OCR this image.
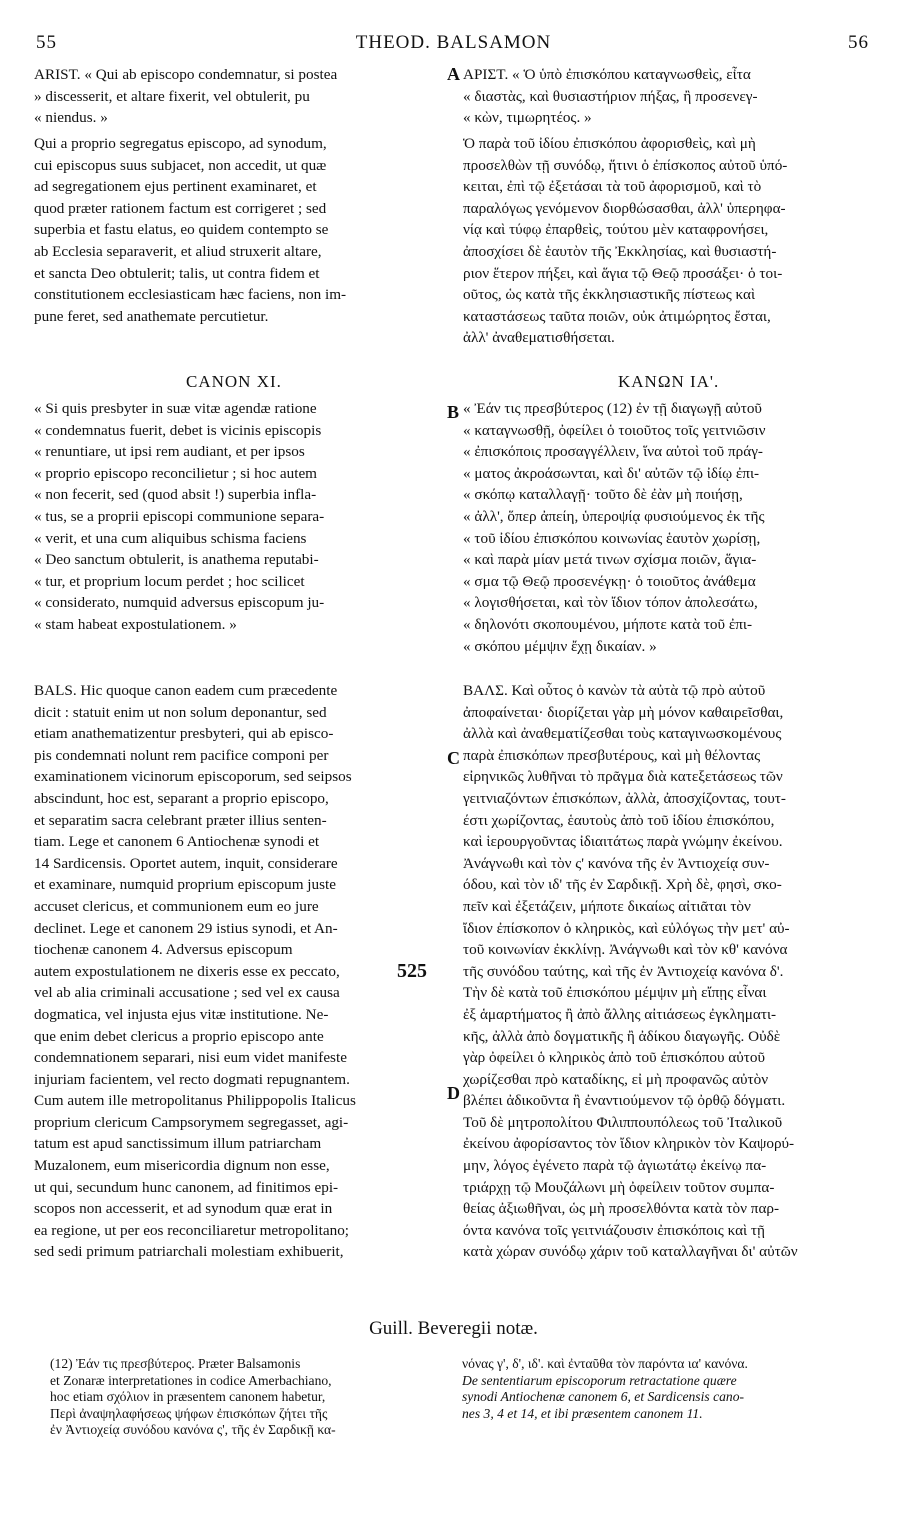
55	THEOD. BALSAMON	56
A
B
C
D
ARIST. « Qui ab episcopo condemnatur, si postea
» discesserit, et altare fixerit, vel obtulerit, pu
« niendus. »
Qui a proprio segregatus episcopo, ad synodum,
cui episcopus suus subjacet, non accedit, ut quæ
ad segregationem ejus pertinent examinaret, et
quod præter rationem factum est corrigeret ; sed
superbia et fastu elatus, eo quidem contempto se
ab Ecclesia separaverit, et aliud struxerit altare,
et sancta Deo obtulerit; talis, ut contra fidem et
constitutionem ecclesiasticam hæc faciens, non im-
pune feret, sed anathemate percutietur.
CANON XI.
« Si quis presbyter in suæ vitæ agendæ ratione
« condemnatus fuerit, debet is vicinis episcopis
« renuntiare, ut ipsi rem audiant, et per ipsos
« proprio episcopo reconcilietur ; si hoc autem
« non fecerit, sed (quod absit !) superbia infla-
« tus, se a proprii episcopi communione separa-
« verit, et una cum aliquibus schisma faciens
« Deo sanctum obtulerit, is anathema reputabi-
« tur, et proprium locum perdet ; hoc scilicet
« considerato, numquid adversus episcopum ju-
« stam habeat expostulationem. »
BALS. Hic quoque canon eadem cum præcedente
dicit : statuit enim ut non solum deponantur, sed
etiam anathematizentur presbyteri, qui ab episco-
pis condemnati nolunt rem pacifice componi per
examinationem vicinorum episcoporum, sed seipsos
abscindunt, hoc est, separant a proprio episcopo,
et separatim sacra celebrant præter illius senten-
tiam. Lege et canonem 6 Antiochenæ synodi et
14 Sardicensis. Oportet autem, inquit, considerare
et examinare, numquid proprium episcopum juste
accuset clericus, et communionem eum eo jure
declinet. Lege et canonem 29 istius synodi, et An-
tiochenæ canonem 4. Adversus episcopum
autem expostulationem ne dixeris esse ex peccato,
vel ab alia criminali accusatione ; sed vel ex causa
dogmatica, vel injusta ejus vitæ institutione. Ne-
que enim debet clericus a proprio episcopo ante
condemnationem separari, nisi eum videt manifeste
injuriam facientem, vel recto dogmati repugnantem.
Cum autem ille metropolitanus Philippopolis Italicus
proprium clericum Campsorymem segregasset, agi-
tatum est apud sanctissimum illum patriarcham
Muzalonem, eum misericordia dignum non esse,
ut qui, secundum hunc canonem, ad finitimos epi-
scopos non accesserit, et ad synodum quæ erat in
ea regione, ut per eos reconciliaretur metropolitano;
sed sedi primum patriarchali molestiam exhibuerit,
525
ΑΡΙΣΤ. « Ὁ ὑπὸ ἐπισκόπου καταγνωσθεὶς, εἶτα
« διαστὰς, καὶ θυσιαστήριον πήξας, ἢ προσενεγ-
« κὼν, τιμωρητέος. »
Ὁ παρὰ τοῦ ἰδίου ἐπισκόπου ἀφορισθεὶς, καὶ μὴ
προσελθὼν τῇ συνόδῳ, ἥτινι ὁ ἐπίσκοπος αὐτοῦ ὑπό-
κειται, ἐπὶ τῷ ἐξετάσαι τὰ τοῦ ἀφορισμοῦ, καὶ τὸ
παραλόγως γενόμενον διορθώσασθαι, ἀλλ' ὑπερηφα-
νίᾳ καὶ τύφῳ ἐπαρθεὶς, τούτου μὲν καταφρονήσει,
ἀποσχίσει δὲ ἑαυτὸν τῆς Ἐκκλησίας, καὶ θυσιαστή-
ριον ἕτερον πήξει, καὶ ἅγια τῷ Θεῷ προσάξει· ὁ τοι-
οῦτος, ὡς κατὰ τῆς ἐκκλησιαστικῆς πίστεως καὶ
καταστάσεως ταῦτα ποιῶν, οὐκ ἀτιμώρητος ἔσται,
ἀλλ' ἀναθεματισθήσεται.
ΚΑΝΩΝ ΙΑ'.
« Ἐάν τις πρεσβύτερος (12) ἐν τῇ διαγωγῇ αὐτοῦ
« καταγνωσθῇ, ὀφείλει ὁ τοιοῦτος τοῖς γειτνιῶσιν
« ἐπισκόποις προσαγγέλλειν, ἵνα αὐτοὶ τοῦ πράγ-
« ματος ἀκροάσωνται, καὶ δι' αὐτῶν τῷ ἰδίῳ ἐπι-
« σκόπῳ καταλλαγῇ· τοῦτο δὲ ἐὰν μὴ ποιήσῃ,
« ἀλλ', ὅπερ ἀπείη, ὑπεροψίᾳ φυσιούμενος ἐκ τῆς
« τοῦ ἰδίου ἐπισκόπου κοινωνίας ἑαυτὸν χωρίσῃ,
« καὶ παρὰ μίαν μετά τινων σχίσμα ποιῶν, ἅγια-
« σμα τῷ Θεῷ προσενέγκῃ· ὁ τοιοῦτος ἀνάθεμα
« λογισθήσεται, καὶ τὸν ἴδιον τόπον ἀπολεσάτω,
« δηλονότι σκοπουμένου, μήποτε κατὰ τοῦ ἐπι-
« σκόπου μέμψιν ἔχῃ δικαίαν. »
ΒΑΛΣ. Καὶ οὗτος ὁ κανὼν τὰ αὐτὰ τῷ πρὸ αὐτοῦ
ἀποφαίνεται· διορίζεται γὰρ μὴ μόνον καθαιρεῖσθαι,
ἀλλὰ καὶ ἀναθεματίζεσθαι τοὺς καταγινωσκομένους
παρὰ ἐπισκόπων πρεσβυτέρους, καὶ μὴ θέλοντας
εἰρηνικῶς λυθῆναι τὸ πρᾶγμα διὰ κατεξετάσεως τῶν
γειτνιαζόντων ἐπισκόπων, ἀλλὰ, ἀποσχίζοντας, τουτ-
έστι χωρίζοντας, ἑαυτοὺς ἀπὸ τοῦ ἰδίου ἐπισκόπου,
καὶ ἱερουργοῦντας ἰδιαιτάτως παρὰ γνώμην ἐκείνου.
Ἀνάγνωθι καὶ τὸν ς' κανόνα τῆς ἐν Ἀντιοχείᾳ συν-
όδου, καὶ τὸν ιδ' τῆς ἐν Σαρδικῇ. Χρὴ δὲ, φησὶ, σκο-
πεῖν καὶ ἐξετάζειν, μήποτε δικαίως αἰτιᾶται τὸν
ἴδιον ἐπίσκοπον ὁ κληρικὸς, καὶ εὐλόγως τὴν μετ' αὐ-
τοῦ κοινωνίαν ἐκκλίνῃ. Ἀνάγνωθι καὶ τὸν κθ' κανόνα
τῆς συνόδου ταύτης, καὶ τῆς ἐν Ἀντιοχείᾳ κανόνα δ'.
Τὴν δὲ κατὰ τοῦ ἐπισκόπου μέμψιν μὴ εἴπῃς εἶναι
ἐξ ἁμαρτήματος ἢ ἀπὸ ἄλλης αἰτιάσεως ἐγκληματι-
κῆς, ἀλλὰ ἀπὸ δογματικῆς ἢ ἀδίκου διαγωγῆς. Οὐδὲ
γὰρ ὀφείλει ὁ κληρικὸς ἀπὸ τοῦ ἐπισκόπου αὐτοῦ
χωρίζεσθαι πρὸ καταδίκης, εἰ μὴ προφανῶς αὐτὸν
βλέπει ἀδικοῦντα ἢ ἐναντιούμενον τῷ ὀρθῷ δόγματι.
Τοῦ δὲ μητροπολίτου Φιλιππουπόλεως τοῦ Ἰταλικοῦ
ἐκείνου ἀφορίσαντος τὸν ἴδιον κληρικὸν τὸν Καψορύ-
μην, λόγος ἐγένετο παρὰ τῷ ἁγιωτάτῳ ἐκείνῳ πα-
τριάρχῃ τῷ Μουζάλωνι μὴ ὀφείλειν τοῦτον συμπα-
θείας ἀξιωθῆναι, ὡς μὴ προσελθόντα κατὰ τὸν παρ-
όντα κανόνα τοῖς γειτνιάζουσιν ἐπισκόποις καὶ τῇ
κατὰ χώραν συνόδῳ χάριν τοῦ καταλλαγῆναι δι' αὐτῶν
Guill. Beveregii notæ.
(12) Ἐάν τις πρεσβύτερος. Præter Balsamonis
et Zonaræ interpretationes in codice Amerbachiano,
hoc etiam σχόλιον in præsentem canonem habetur,
Περὶ ἀναψηλαφήσεως ψήφων ἐπισκόπων ζήτει τῆς
ἐν Ἀντιοχείᾳ συνόδου κανόνα ς', τῆς ἐν Σαρδικῇ κα-
νόνας γ', δ', ιδ'. καὶ ἐνταῦθα τὸν παρόντα ια' κανόνα.
De sententiarum episcoporum retractatione quære
synodi Antiochenæ canonem 6, et Sardicensis cano-
nes 3, 4 et 14, et ibi præsentem canonem 11.
